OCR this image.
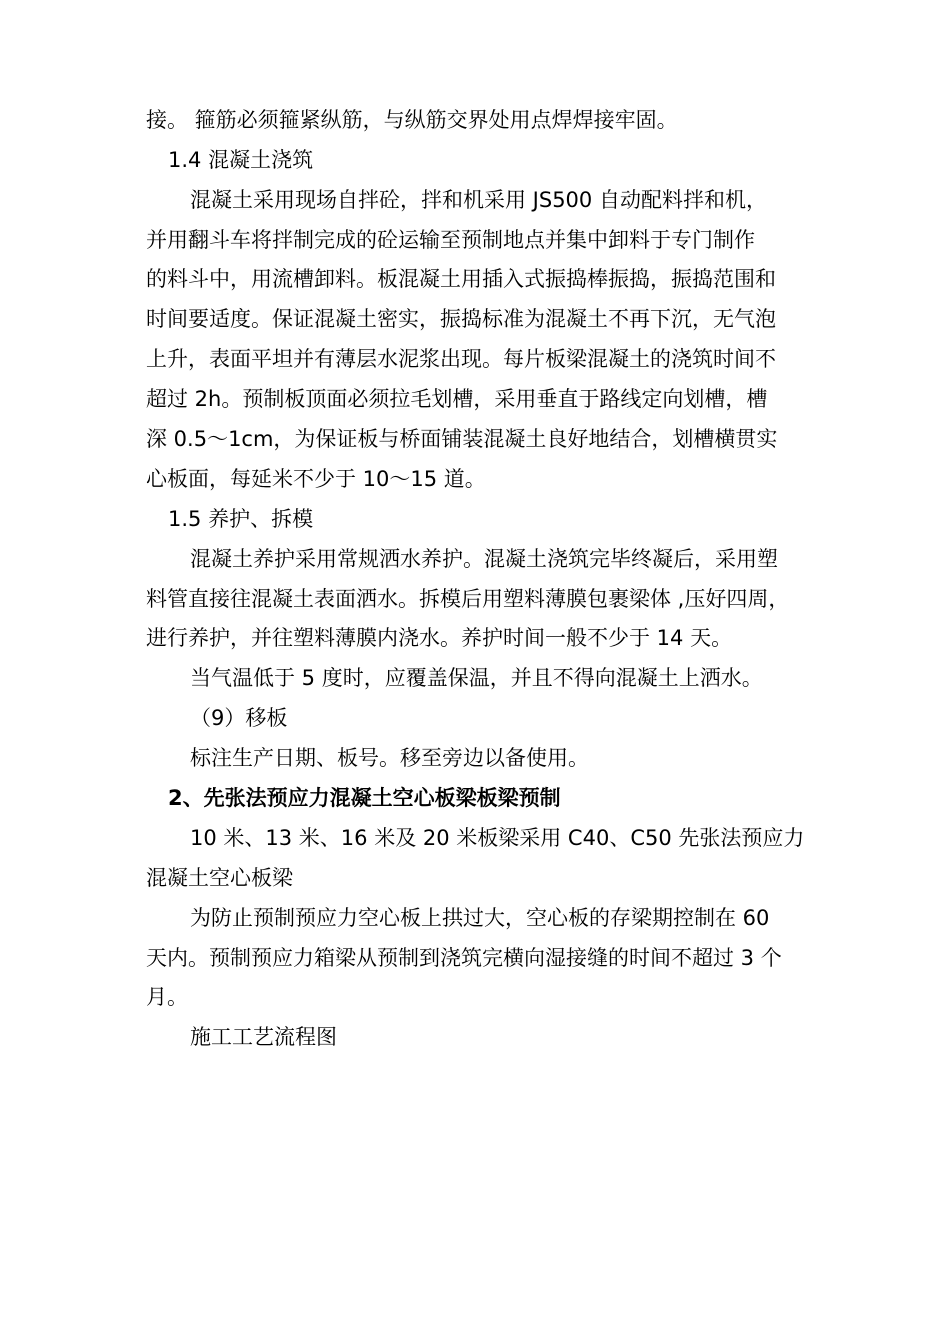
接。 箍筋必须箍紧纵筋，与纵筋交界处用点焊焊接牢固。
1.4 混凝土浇筑
混凝土采用现场自拌砼，拌和机采用 JS500 自动配料拌和机，
并用翻斗车将拌制完成的砼运输至预制地点并集中卸料于专门制作
的料斗中，用流槽卸料。板混凝土用插入式振捣棒振捣，振捣范围和
时间要适度。保证混凝土密实，振捣标准为混凝土不再下沉，无气泡
上升，表面平坦并有薄层水泥浆出现。每片板梁混凝土的浇筑时间不
超过 2h。预制板顶面必须拉毛划槽，采用垂直于路线定向划槽，槽
深 0.5～1cm，为保证板与桥面铺装混凝土良好地结合，划槽横贯实
心板面，每延米不少于 10～15 道。
1.5 养护、拆模
混凝土养护采用常规洒水养护。混凝土浇筑完毕终凝后，采用塑
料管直接往混凝土表面洒水。拆模后用塑料薄膜包裹梁体 ,压好四周，
进行养护，并往塑料薄膜内浇水。养护时间一般不少于 14 天。
当气温低于 5 度时，应覆盖保温，并且不得向混凝土上洒水。
（9）移板
标注生产日期、板号。移至旁边以备使用。
2、先张法预应力混凝土空心板梁板梁预制
10 米、13 米、16 米及 20 米板梁采用 C40、C50 先张法预应力
混凝土空心板梁
为防止预制预应力空心板上拱过大，空心板的存梁期控制在 60
天内。预制预应力箱梁从预制到浇筑完横向湿接缝的时间不超过 3 个
月。
施工工艺流程图
